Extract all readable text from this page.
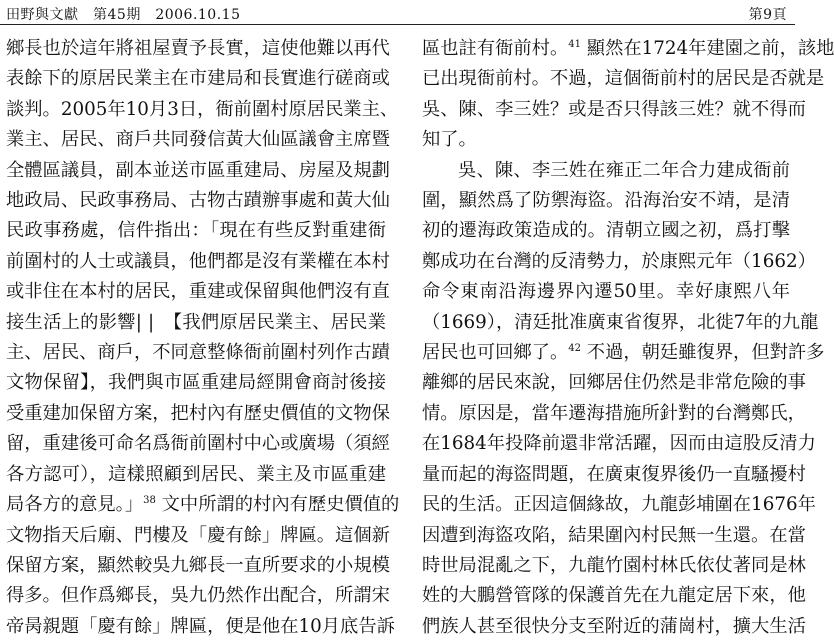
田野與文獻　第45期　2006.10.15	第9頁
鄉長也於這年將祖屋賣予長實，這使他難以再代
表餘下的原居民業主在市建局和長實進行磋商或
談判。2005年10月3日，衙前圍村原居民業主、
業主、居民、商戶共同發信黃大仙區議會主席暨
全體區議員，副本並送市區重建局、房屋及規劃
地政局、民政事務局、古物古蹟辦事處和黃大仙
民政事務處，信件指出：「現在有些反對重建衙
前圍村的人士或議員，他們都是沒有業權在本村
或非住在本村的居民，重建或保留與他們沒有直
接生活上的影響| |　【我們原居民業主、居民業
主、居民、商戶，不同意整條衙前圍村列作古蹟
文物保留】，我們與市區重建局經開會商討後接
受重建加保留方案，把村內有歷史價值的文物保
留，重建後可命名爲衙前圍村中心或廣場（須經
各方認可），這樣照顧到居民、業主及市區重建
局各方的意見。」$^{38}$ 文中所謂的村內有歷史價值的
文物指天后廟、門樓及「慶有餘」牌匾。這個新
保留方案，顯然較吳九鄉長一直所要求的小規模
得多。但作爲鄉長，吳九仍然作出配合，所謂宋
帝昺親題「慶有餘」牌匾，便是他在10月底告訴
區也註有衙前村。$^{41}$ 顯然在1724年建園之前，該地
已出現衙前村。不過，這個衙前村的居民是否就是
吳、陳、李三姓？或是否只得該三姓？就不得而
知了。
吳、陳、李三姓在雍正二年合力建成衙前
圍，顯然爲了防禦海盜。沿海治安不靖，是清
初的遷海政策造成的。清朝立國之初，爲打擊
鄭成功在台灣的反清勢力，於康熙元年（1662）
命令東南沿海邊界內遷50里。幸好康熙八年
（1669），清廷批准廣東省復界，北徙7年的九龍
居民也可回鄉了。$^{42}$ 不過，朝廷雖復界，但對許多
離鄉的居民來說，回鄉居住仍然是非常危險的事
情。原因是，當年遷海措施所針對的台灣鄭氏，
在1684年投降前還非常活躍，因而由這股反清力
量而起的海盜問題，在廣東復界後仍一直騷擾村
民的生活。正因這個緣故，九龍彭埔圍在1676年
因遭到海盜攻陷，結果圍內村民無一生還。在當
時世局混亂之下，九龍竹園村林氏依仗著同是林
姓的大鵬營管隊的保護首先在九龍定居下來，他
們族人甚至很快分支至附近的蒲崗村，擴大生活
